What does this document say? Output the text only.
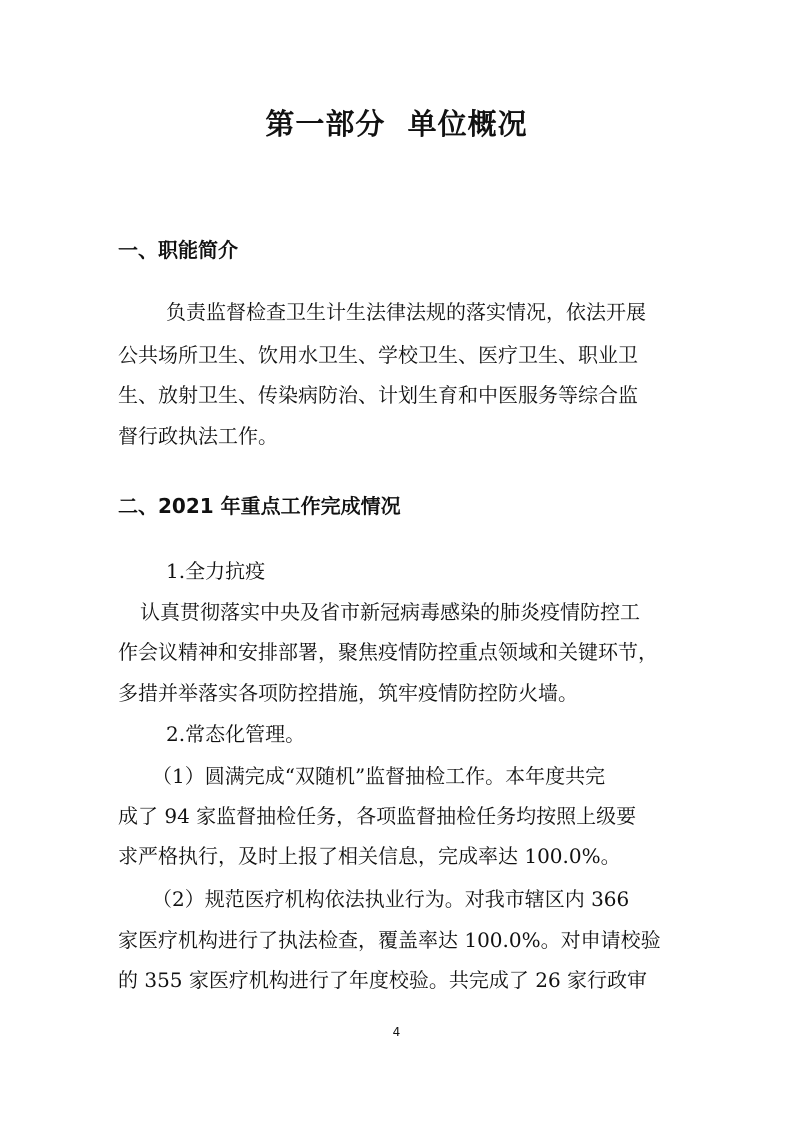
第一部分  单位概况
一、职能简介
负责监督检查卫生计生法律法规的落实情况，依法开展
公共场所卫生、饮用水卫生、学校卫生、医疗卫生、职业卫
生、放射卫生、传染病防治、计划生育和中医服务等综合监
督行政执法工作。
二、2021 年重点工作完成情况
1.全力抗疫
认真贯彻落实中央及省市新冠病毒感染的肺炎疫情防控工
作会议精神和安排部署，聚焦疫情防控重点领域和关键环节，
多措并举落实各项防控措施，筑牢疫情防控防火墙。
2.常态化管理。
（1）圆满完成“双随机”监督抽检工作。本年度共完
成了 94 家监督抽检任务，各项监督抽检任务均按照上级要
求严格执行，及时上报了相关信息，完成率达 100.0%。
（2）规范医疗机构依法执业行为。对我市辖区内 366
家医疗机构进行了执法检查，覆盖率达 100.0%。对申请校验
的 355 家医疗机构进行了年度校验。共完成了 26 家行政审
4
